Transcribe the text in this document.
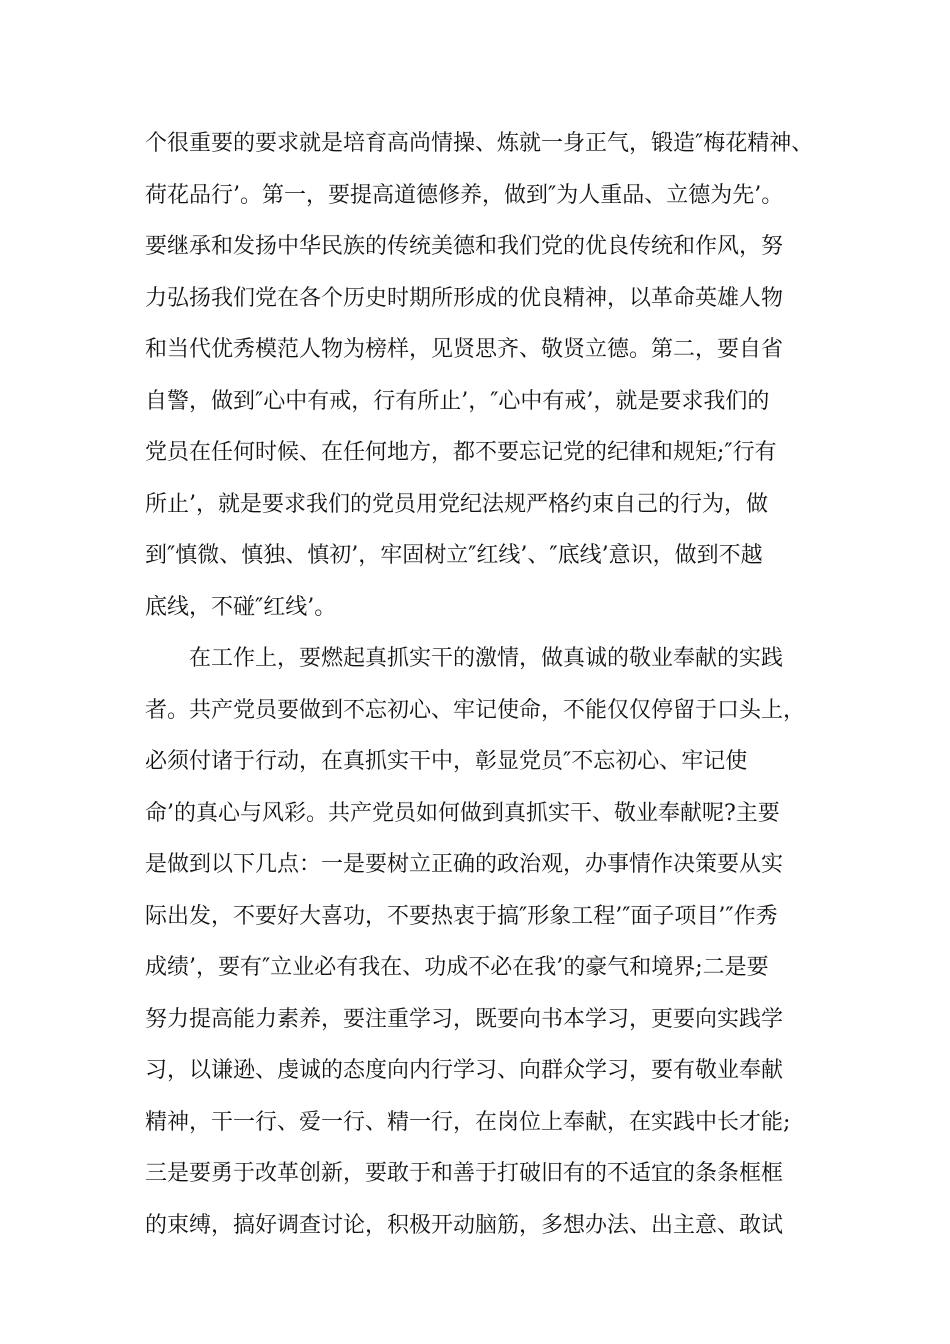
个很重要的要求就是培育高尚情操、炼就一身正气，锻造″梅花精神、
荷花品行’。第一，要提高道德修养，做到″为人重品、立德为先’。
要继承和发扬中华民族的传统美德和我们党的优良传统和作风，努
力弘扬我们党在各个历史时期所形成的优良精神，以革命英雄人物
和当代优秀模范人物为榜样，见贤思齐、敬贤立德。第二，要自省
自警，做到″心中有戒，行有所止’，″心中有戒’，就是要求我们的
党员在任何时候、在任何地方，都不要忘记党的纪律和规矩;″行有
所止’，就是要求我们的党员用党纪法规严格约束自己的行为，做
到″慎微、慎独、慎初’，牢固树立″红线’、″底线’意识，做到不越
底线，不碰″红线’。
在工作上，要燃起真抓实干的激情，做真诚的敬业奉献的实践
者。共产党员要做到不忘初心、牢记使命，不能仅仅停留于口头上，
必须付诸于行动，在真抓实干中，彰显党员″不忘初心、牢记使
命’的真心与风彩。共产党员如何做到真抓实干、敬业奉献呢?主要
是做到以下几点：一是要树立正确的政治观，办事情作决策要从实
际出发，不要好大喜功，不要热衷于搞″形象工程’″面子项目’″作秀
成绩’，要有″立业必有我在、功成不必在我’的豪气和境界;二是要
努力提高能力素养，要注重学习，既要向书本学习，更要向实践学
习，以谦逊、虔诚的态度向内行学习、向群众学习，要有敬业奉献
精神，干一行、爱一行、精一行，在岗位上奉献，在实践中长才能;
三是要勇于改革创新，要敢于和善于打破旧有的不适宜的条条框框
的束缚，搞好调查讨论，积极开动脑筋，多想办法、出主意、敢试
